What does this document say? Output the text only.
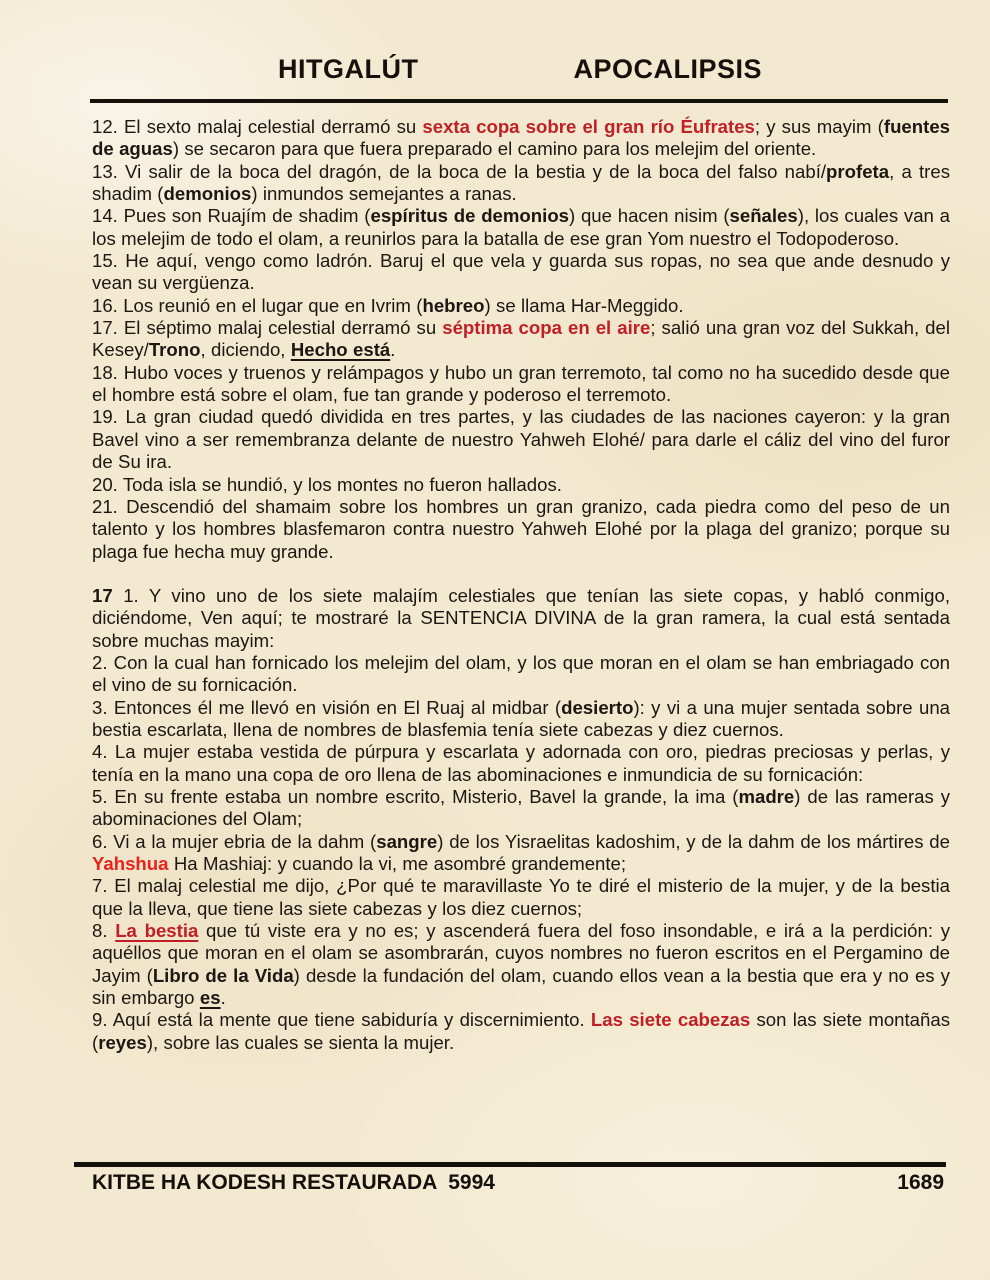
HITGALÚT	APOCALIPSIS

12. El sexto malaj celestial derramó su sexta copa sobre el gran río Éufrates; y sus mayim (fuentes de aguas) se secaron para que fuera preparado el camino para los melejim del oriente.

13. Vi salir de la boca del dragón, de la boca de la bestia y de la boca del falso nabí/profeta, a tres shadim (demonios) inmundos semejantes a ranas.

14. Pues son Ruajím de shadim (espíritus de demonios) que hacen nisim (señales), los cuales van a los melejim de todo el olam, a reunirlos para la batalla de ese gran Yom nuestro el Todopoderoso.

15. He aquí, vengo como ladrón. Baruj el que vela y guarda sus ropas, no sea que ande desnudo y vean su vergüenza.

16. Los reunió en el lugar que en Ivrim (hebreo) se llama Har-Meggido.

17. El séptimo malaj celestial derramó su séptima copa en el aire; salió una gran voz del Sukkah, del Kesey/Trono, diciendo, Hecho está.

18. Hubo voces y truenos y relámpagos y hubo un gran terremoto, tal como no ha sucedido desde que el hombre está sobre el olam, fue tan grande y poderoso el terremoto.

19. La gran ciudad quedó dividida en tres partes, y las ciudades de las naciones cayeron: y la gran Bavel vino a ser remembranza delante de nuestro Yahweh Elohé/ para darle el cáliz del vino del furor de Su ira.

20. Toda isla se hundió, y los montes no fueron hallados.

21. Descendió del shamaim sobre los hombres un gran granizo, cada piedra como del peso de un talento y los hombres blasfemaron contra nuestro Yahweh Elohé por la plaga del granizo; porque su plaga fue hecha muy grande.

17 1. Y vino uno de los siete malajím celestiales que tenían las siete copas, y habló conmigo, diciéndome, Ven aquí; te mostraré la SENTENCIA DIVINA de la gran ramera, la cual está sentada sobre muchas mayim:

2. Con la cual han fornicado los melejim del olam, y los que moran en el olam se han embriagado con el vino de su fornicación.

3. Entonces él me llevó en visión en El Ruaj al midbar (desierto): y vi a una mujer sentada sobre una bestia escarlata, llena de nombres de blasfemia tenía siete cabezas y diez cuernos.

4. La mujer estaba vestida de púrpura y escarlata y adornada con oro, piedras preciosas y perlas, y tenía en la mano una copa de oro llena de las abominaciones e inmundicia de su fornicación:

5. En su frente estaba un nombre escrito, Misterio, Bavel la grande, la ima (madre) de las rameras y abominaciones del Olam;

6. Vi a la mujer ebria de la dahm (sangre) de los Yisraelitas kadoshim, y de la dahm de los mártires de Yahshua Ha Mashiaj: y cuando la vi, me asombré grandemente;

7. El malaj celestial me dijo, ¿Por qué te maravillaste Yo te diré el misterio de la mujer, y de la bestia que la lleva, que tiene las siete cabezas y los diez cuernos;

8. La bestia que tú viste era y no es; y ascenderá fuera del foso insondable, e irá a la perdición: y aquéllos que moran en el olam se asombrarán, cuyos nombres no fueron escritos en el Pergamino de Jayim (Libro de la Vida) desde la fundación del olam, cuando ellos vean a la bestia que era y no es y sin embargo es.

9. Aquí está la mente que tiene sabiduría y discernimiento. Las siete cabezas son las siete montañas (reyes), sobre las cuales se sienta la mujer.

KITBE HA KODESH RESTAURADA  5994	1689
